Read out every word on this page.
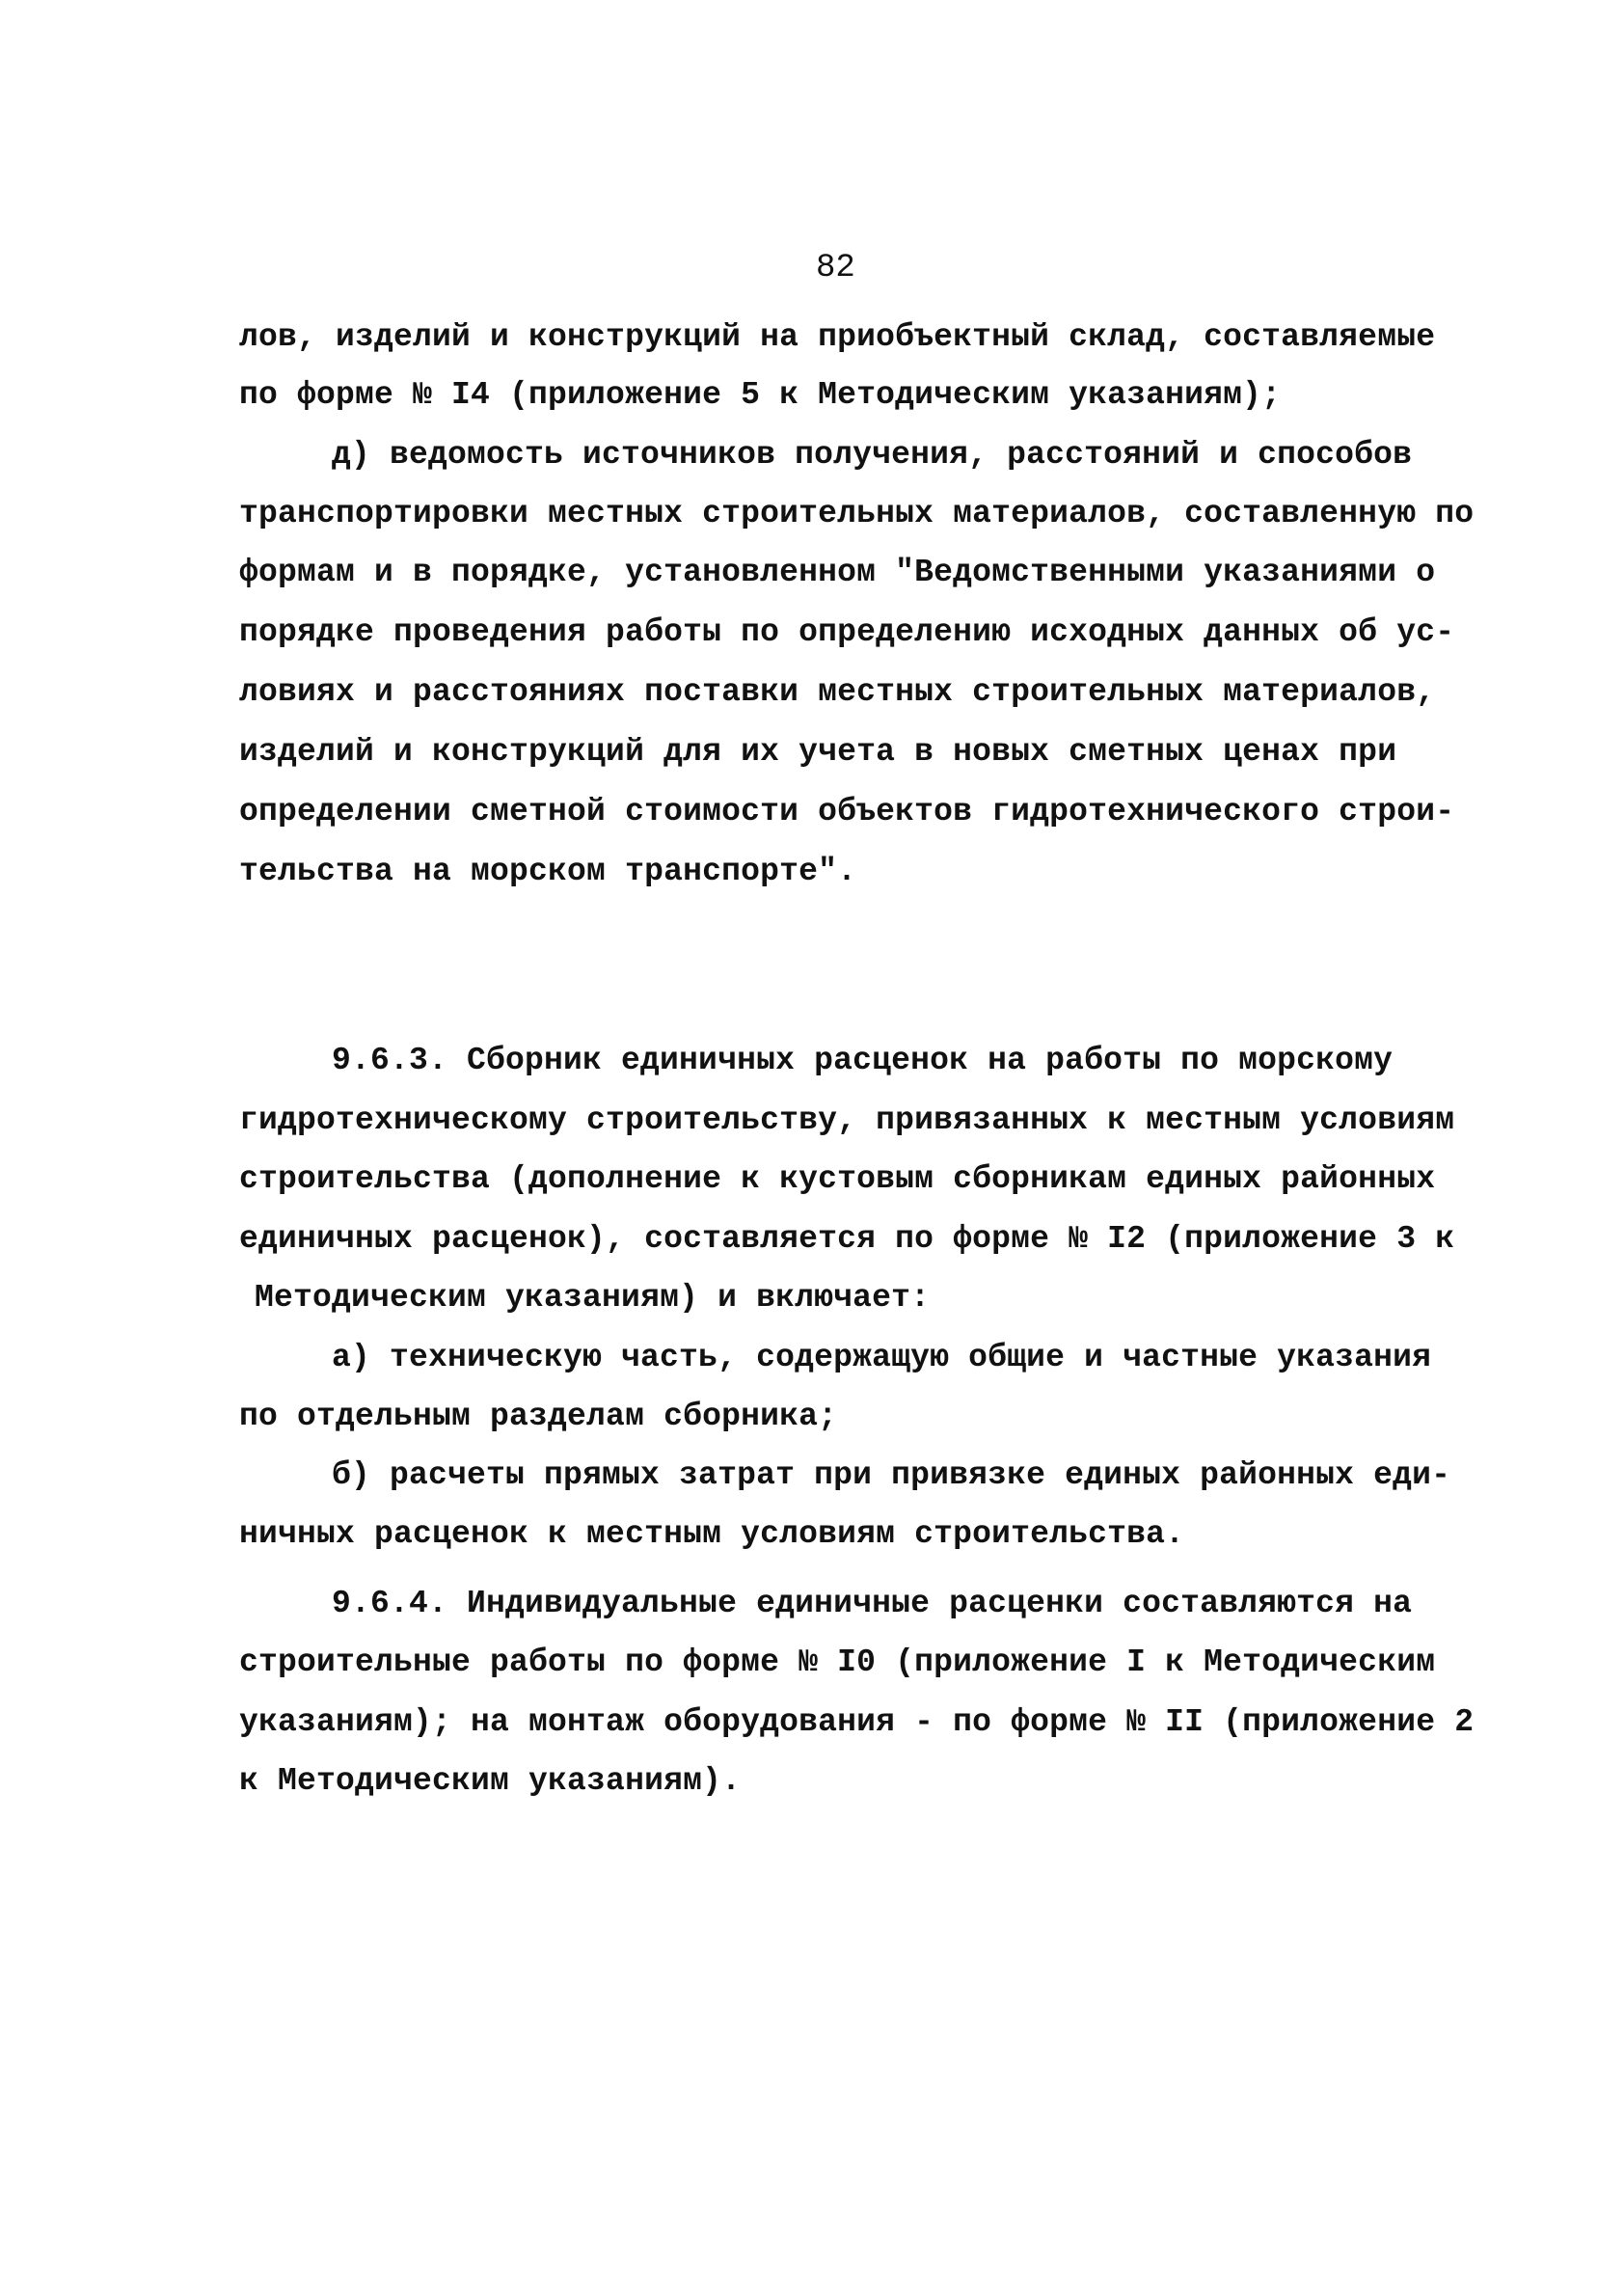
82
лов, изделий и конструкций на приобъектный склад, составляемые
по форме № I4 (приложение 5 к Методическим указаниям);
д) ведомость источников получения, расстояний и способов
транспортировки местных строительных материалов, составленную по
формам и в порядке, установленном "Ведомственными указаниями о
порядке проведения работы по определению исходных данных об ус-
ловиях и расстояниях поставки местных строительных материалов,
изделий и конструкций для их учета в новых сметных ценах при
определении сметной стоимости объектов гидротехнического строи-
тельства на морском транспорте".
9.6.3. Сборник единичных расценок на работы по морскому
гидротехническому строительству, привязанных к местным условиям
строительства (дополнение к кустовым сборникам единых районных
единичных расценок), составляется по форме № I2 (приложение 3 к
Методическим указаниям) и включает:
а) техническую часть, содержащую общие и частные указания
по отдельным разделам сборника;
б) расчеты прямых затрат при привязке единых районных еди-
ничных расценок к местным условиям строительства.
9.6.4. Индивидуальные единичные расценки составляются на
строительные работы по форме № I0 (приложение I к Методическим
указаниям); на монтаж оборудования - по форме № II (приложение 2
к Методическим указаниям).
